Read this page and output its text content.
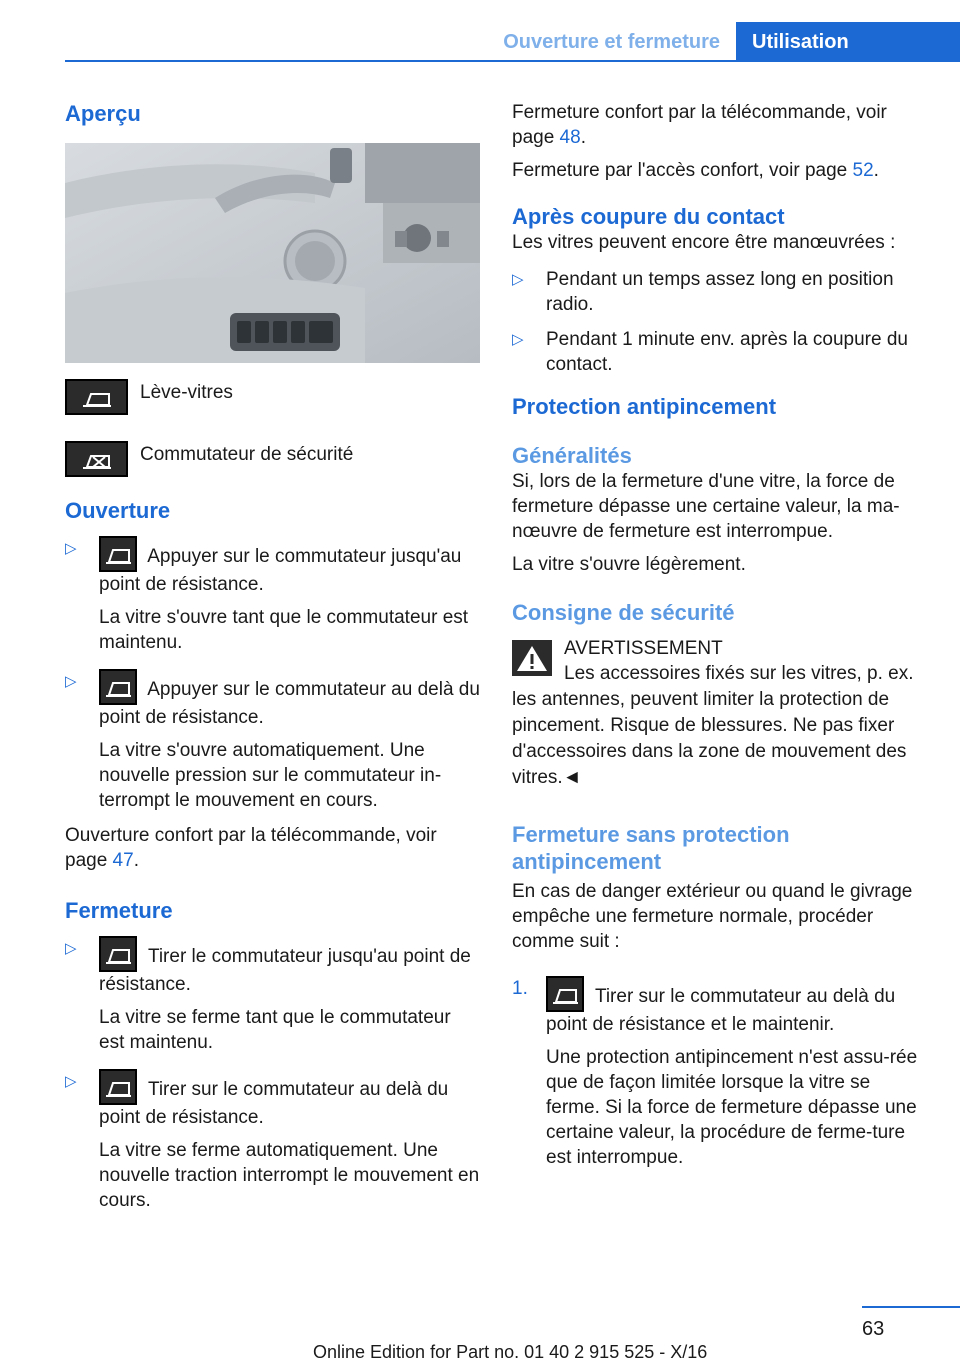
Ouverture et fermeture	Utilisation
Aperçu
Lève-vitres
Commutateur de sécurité
Ouverture
▷	Appuyer sur le commutateur jusqu'au point de résistance.
La vitre s'ouvre tant que le commutateur est maintenu.
▷	Appuyer sur le commutateur au delà du point de résistance.
La vitre s'ouvre automatiquement. Une nouvelle pression sur le commutateur in‐terrompt le mouvement en cours.
Ouverture confort par la télécommande, voir page 47.
Fermeture
▷	Tirer le commutateur jusqu'au point de résistance.
La vitre se ferme tant que le commutateur est maintenu.
▷	Tirer sur le commutateur au delà du point de résistance.
La vitre se ferme automatiquement. Une nouvelle traction interrompt le mouvement en cours.
Fermeture confort par la télécommande, voir page 48.
Fermeture par l'accès confort, voir page 52.
Après coupure du contact
Les vitres peuvent encore être manœuvrées :
▷ Pendant un temps assez long en position radio.
▷ Pendant 1 minute env. après la coupure du contact.
Protection antipincement
Généralités
Si, lors de la fermeture d'une vitre, la force de fermeture dépasse une certaine valeur, la ma‐nœuvre de fermeture est interrompue.
La vitre s'ouvre légèrement.
Consigne de sécurité
AVERTISSEMENT
Les accessoires fixés sur les vitres, p. ex. les antennes, peuvent limiter la protection de pincement. Risque de blessures. Ne pas fixer d'accessoires dans la zone de mouvement des vitres.◄
Fermeture sans protection antipincement
En cas de danger extérieur ou quand le givrage empêche une fermeture normale, procéder comme suit :
1.	Tirer sur le commutateur au delà du point de résistance et le maintenir.
Une protection antipincement n'est assu‐rée que de façon limitée lorsque la vitre se ferme. Si la force de fermeture dépasse une certaine valeur, la procédure de ferme‐ture est interrompue.
63
Online Edition for Part no. 01 40 2 915 525 - X/16
